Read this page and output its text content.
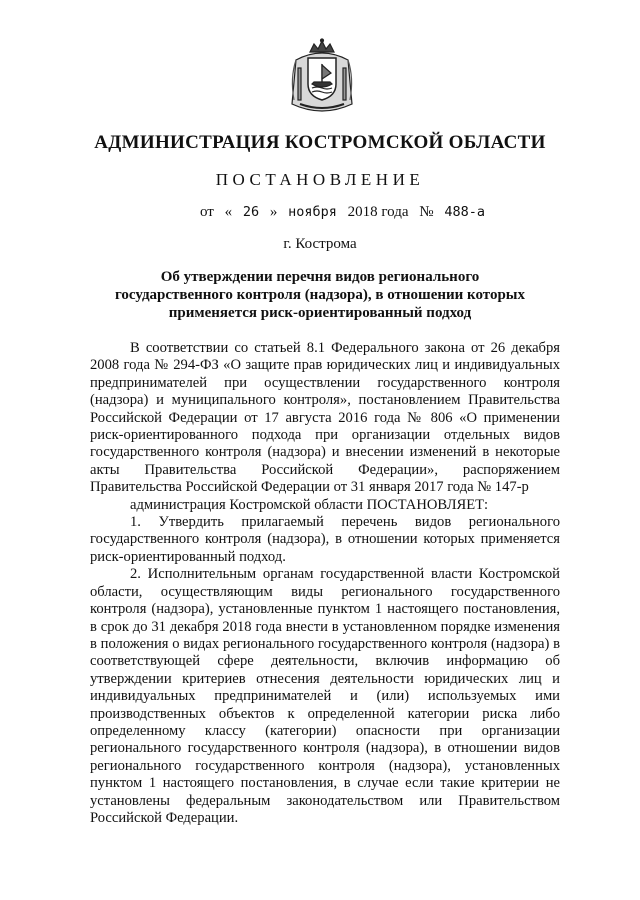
АДМИНИСТРАЦИЯ КОСТРОМСКОЙ ОБЛАСТИ
ПОСТАНОВЛЕНИЕ
от « 26 » ноября 2018 года № 488-а
г. Кострома
Об утверждении перечня видов регионального государственного контроля (надзора), в отношении которых применяется риск-ориентированный подход

В соответствии со статьей 8.1 Федерального закона от 26 декабря 2008 года № 294-ФЗ «О защите прав юридических лиц и индивидуальных предпринимателей при осуществлении государственного контроля (надзора) и муниципального контроля», постановлением Правительства Российской Федерации от 17 августа 2016 года № 806 «О применении риск-ориентированного подхода при организации отдельных видов государственного контроля (надзора) и внесении изменений в некоторые акты Правительства Российской Федерации», распоряжением Правительства Российской Федерации от 31 января 2017 года № 147-р

администрация Костромской области ПОСТАНОВЛЯЕТ:

1. Утвердить прилагаемый перечень видов регионального государственного контроля (надзора), в отношении которых применяется риск-ориентированный подход.

2. Исполнительным органам государственной власти Костромской области, осуществляющим виды регионального государственного контроля (надзора), установленные пунктом 1 настоящего постановления, в срок до 31 декабря 2018 года внести в установленном порядке изменения в положения о видах регионального государственного контроля (надзора) в соответствующей сфере деятельности, включив информацию об утверждении критериев отнесения деятельности юридических лиц и индивидуальных предпринимателей и (или) используемых ими производственных объектов к определенной категории риска либо определенному классу (категории) опасности при организации регионального государственного контроля (надзора), в отношении видов регионального государственного контроля (надзора), установленных пунктом 1 настоящего постановления, в случае если такие критерии не установлены федеральным законодательством или Правительством Российской Федерации.
